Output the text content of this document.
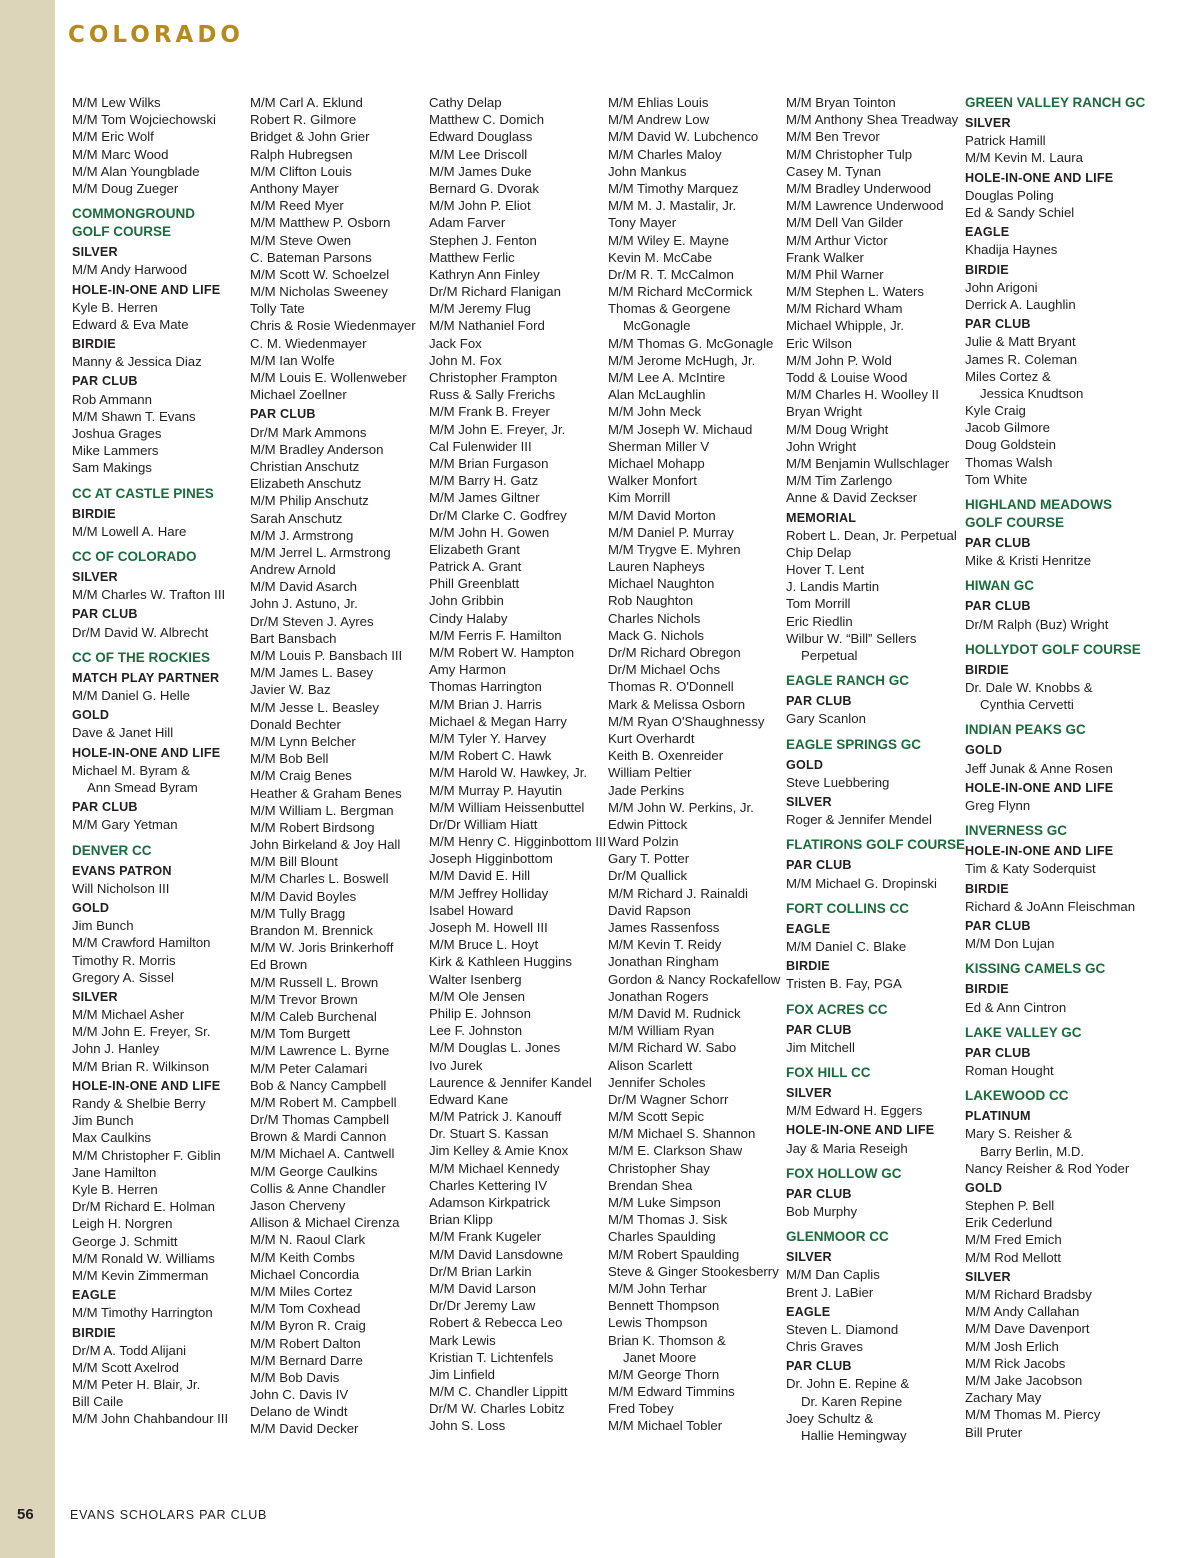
COLORADO
M/M Lew Wilks
M/M Tom Wojciechowski
M/M Eric Wolf
M/M Marc Wood
M/M Alan Youngblade
M/M Doug Zueger
COMMONGROUND GOLF COURSE
SILVER
M/M Andy Harwood
HOLE-IN-ONE AND LIFE
Kyle B. Herren
Edward & Eva Mate
BIRDIE
Manny & Jessica Diaz
PAR CLUB
Rob Ammann
M/M Shawn T. Evans
Joshua Grages
Mike Lammers
Sam Makings
CC AT CASTLE PINES
BIRDIE
M/M Lowell A. Hare
CC OF COLORADO
SILVER
M/M Charles W. Trafton III
PAR CLUB
Dr/M David W. Albrecht
CC OF THE ROCKIES
MATCH PLAY PARTNER
M/M Daniel G. Helle
GOLD
Dave & Janet Hill
HOLE-IN-ONE AND LIFE
Michael M. Byram &
Ann Smead Byram
PAR CLUB
M/M Gary Yetman
DENVER CC
EVANS PATRON
Will Nicholson III
GOLD
Jim Bunch
M/M Crawford Hamilton
Timothy R. Morris
Gregory A. Sissel
SILVER
M/M Michael Asher
M/M John E. Freyer, Sr.
John J. Hanley
M/M Brian R. Wilkinson
HOLE-IN-ONE AND LIFE
Randy & Shelbie Berry
Jim Bunch
Max Caulkins
M/M Christopher F. Giblin
Jane Hamilton
Kyle B. Herren
Dr/M Richard E. Holman
Leigh H. Norgren
George J. Schmitt
M/M Ronald W. Williams
M/M Kevin Zimmerman
EAGLE
M/M Timothy Harrington
BIRDIE
Dr/M A. Todd Alijani
M/M Scott Axelrod
M/M Peter H. Blair, Jr.
Bill Caile
M/M John Chahbandour III
M/M Carl A. Eklund
Robert R. Gilmore
Bridget & John Grier
Ralph Hubregsen
M/M Clifton Louis
Anthony Mayer
M/M Reed Myer
M/M Matthew P. Osborn
M/M Steve Owen
C. Bateman Parsons
M/M Scott W. Schoelzel
M/M Nicholas Sweeney
Tolly Tate
Chris & Rosie Wiedenmayer
C. M. Wiedenmayer
M/M Ian Wolfe
M/M Louis E. Wollenweber
Michael Zoellner
PAR CLUB
Dr/M Mark Ammons
M/M Bradley Anderson
Christian Anschutz
Elizabeth Anschutz
M/M Philip Anschutz
Sarah Anschutz
M/M J. Armstrong
M/M Jerrel L. Armstrong
Andrew Arnold
M/M David Asarch
John J. Astuno, Jr.
Dr/M Steven J. Ayres
Bart Bansbach
M/M Louis P. Bansbach III
M/M James L. Basey
Javier W. Baz
M/M Jesse L. Beasley
Donald Bechter
M/M Lynn Belcher
M/M Bob Bell
M/M Craig Benes
Heather & Graham Benes
M/M William L. Bergman
M/M Robert Birdsong
John Birkeland & Joy Hall
M/M Bill Blount
M/M Charles L. Boswell
M/M David Boyles
M/M Tully Bragg
Brandon M. Brennick
M/M W. Joris Brinkerhoff
Ed Brown
M/M Russell L. Brown
M/M Trevor Brown
M/M Caleb Burchenal
M/M Tom Burgett
M/M Lawrence L. Byrne
M/M Peter Calamari
Bob & Nancy Campbell
M/M Robert M. Campbell
Dr/M Thomas Campbell
Brown & Mardi Cannon
M/M Michael A. Cantwell
M/M George Caulkins
Collis & Anne Chandler
Jason Cherveny
Allison & Michael Cirenza
M/M N. Raoul Clark
M/M Keith Combs
Michael Concordia
M/M Miles Cortez
M/M Tom Coxhead
M/M Byron R. Craig
M/M Robert Dalton
M/M Bernard Darre
M/M Bob Davis
John C. Davis IV
Delano de Windt
M/M David Decker
Cathy Delap
Matthew C. Domich
Edward Douglass
M/M Lee Driscoll
M/M James Duke
Bernard G. Dvorak
M/M John P. Eliot
Adam Farver
Stephen J. Fenton
Matthew Ferlic
Kathryn Ann Finley
Dr/M Richard Flanigan
M/M Jeremy Flug
M/M Nathaniel Ford
Jack Fox
John M. Fox
Christopher Frampton
Russ & Sally Frerichs
M/M Frank B. Freyer
M/M John E. Freyer, Jr.
Cal Fulenwider III
M/M Brian Furgason
M/M Barry H. Gatz
M/M James Giltner
Dr/M Clarke C. Godfrey
M/M John H. Gowen
Elizabeth Grant
Patrick A. Grant
Phill Greenblatt
John Gribbin
Cindy Halaby
M/M Ferris F. Hamilton
M/M Robert W. Hampton
Amy Harmon
Thomas Harrington
M/M Brian J. Harris
Michael & Megan Harry
M/M Tyler Y. Harvey
M/M Robert C. Hawk
M/M Harold W. Hawkey, Jr.
M/M Murray P. Hayutin
M/M William Heissenbuttel
Dr/Dr William Hiatt
M/M Henry C. Higginbottom III
Joseph Higginbottom
M/M David E. Hill
M/M Jeffrey Holliday
Isabel Howard
Joseph M. Howell III
M/M Bruce L. Hoyt
Kirk & Kathleen Huggins
Walter Isenberg
M/M Ole Jensen
Philip E. Johnson
Lee F. Johnston
M/M Douglas L. Jones
Ivo Jurek
Laurence & Jennifer Kandel
Edward Kane
M/M Patrick J. Kanouff
Dr. Stuart S. Kassan
Jim Kelley & Amie Knox
M/M Michael Kennedy
Charles Kettering IV
Adamson Kirkpatrick
Brian Klipp
M/M Frank Kugeler
M/M David Lansdowne
Dr/M Brian Larkin
M/M David Larson
Dr/Dr Jeremy Law
Robert & Rebecca Leo
Mark Lewis
Kristian T. Lichtenfels
Jim Linfield
M/M C. Chandler Lippitt
Dr/M W. Charles Lobitz
John S. Loss
M/M Ehlias Louis
M/M Andrew Low
M/M David W. Lubchenco
M/M Charles Maloy
John Mankus
M/M Timothy Marquez
M/M M. J. Mastalir, Jr.
Tony Mayer
M/M Wiley E. Mayne
Kevin M. McCabe
Dr/M R. T. McCalmon
M/M Richard McCormick
Thomas & Georgene
McGonagle
M/M Thomas G. McGonagle
M/M Jerome McHugh, Jr.
M/M Lee A. McIntire
Alan McLaughlin
M/M John Meck
M/M Joseph W. Michaud
Sherman Miller V
Michael Mohapp
Walker Monfort
Kim Morrill
M/M David Morton
M/M Daniel P. Murray
M/M Trygve E. Myhren
Lauren Napheys
Michael Naughton
Rob Naughton
Charles Nichols
Mack G. Nichols
Dr/M Richard Obregon
Dr/M Michael Ochs
Thomas R. O'Donnell
Mark & Melissa Osborn
M/M Ryan O'Shaughnessy
Kurt Overhardt
Keith B. Oxenreider
William Peltier
Jade Perkins
M/M John W. Perkins, Jr.
Edwin Pittock
Ward Polzin
Gary T. Potter
Dr/M Quallick
M/M Richard J. Rainaldi
David Rapson
James Rassenfoss
M/M Kevin T. Reidy
Jonathan Ringham
Gordon & Nancy Rockafellow
Jonathan Rogers
M/M David M. Rudnick
M/M William Ryan
M/M Richard W. Sabo
Alison Scarlett
Jennifer Scholes
Dr/M Wagner Schorr
M/M Scott Sepic
M/M Michael S. Shannon
M/M E. Clarkson Shaw
Christopher Shay
Brendan Shea
M/M Luke Simpson
M/M Thomas J. Sisk
Charles Spaulding
M/M Robert Spaulding
Steve & Ginger Stookesberry
M/M John Terhar
Bennett Thompson
Lewis Thompson
Brian K. Thomson &
Janet Moore
M/M George Thorn
M/M Edward Timmins
Fred Tobey
M/M Michael Tobler
M/M Bryan Tointon
M/M Anthony Shea Treadway
M/M Ben Trevor
M/M Christopher Tulp
Casey M. Tynan
M/M Bradley Underwood
M/M Lawrence Underwood
M/M Dell Van Gilder
M/M Arthur Victor
Frank Walker
M/M Phil Warner
M/M Stephen L. Waters
M/M Richard Wham
Michael Whipple, Jr.
Eric Wilson
M/M John P. Wold
Todd & Louise Wood
M/M Charles H. Woolley II
Bryan Wright
M/M Doug Wright
John Wright
M/M Benjamin Wullschlager
M/M Tim Zarlengo
Anne & David Zeckser
MEMORIAL
Robert L. Dean, Jr. Perpetual
Chip Delap
Hover T. Lent
J. Landis Martin
Tom Morrill
Eric Riedlin
Wilbur W. “Bill” Sellers
Perpetual
EAGLE RANCH GC
PAR CLUB
Gary Scanlon
EAGLE SPRINGS GC
GOLD
Steve Luebbering
SILVER
Roger & Jennifer Mendel
FLATIRONS GOLF COURSE
PAR CLUB
M/M Michael G. Dropinski
FORT COLLINS CC
EAGLE
M/M Daniel C. Blake
BIRDIE
Tristen B. Fay, PGA
FOX ACRES CC
PAR CLUB
Jim Mitchell
FOX HILL CC
SILVER
M/M Edward H. Eggers
HOLE-IN-ONE AND LIFE
Jay & Maria Reseigh
FOX HOLLOW GC
PAR CLUB
Bob Murphy
GLENMOOR CC
SILVER
M/M Dan Caplis
Brent J. LaBier
EAGLE
Steven L. Diamond
Chris Graves
PAR CLUB
Dr. John E. Repine &
Dr. Karen Repine
Joey Schultz &
Hallie Hemingway
GREEN VALLEY RANCH GC
SILVER
Patrick Hamill
M/M Kevin M. Laura
HOLE-IN-ONE AND LIFE
Douglas Poling
Ed & Sandy Schiel
EAGLE
Khadija Haynes
BIRDIE
John Arigoni
Derrick A. Laughlin
PAR CLUB
Julie & Matt Bryant
James R. Coleman
Miles Cortez &
Jessica Knudtson
Kyle Craig
Jacob Gilmore
Doug Goldstein
Thomas Walsh
Tom White
HIGHLAND MEADOWS GOLF COURSE
PAR CLUB
Mike & Kristi Henritze
HIWAN GC
PAR CLUB
Dr/M Ralph (Buz) Wright
HOLLYDOT GOLF COURSE
BIRDIE
Dr. Dale W. Knobbs &
Cynthia Cervetti
INDIAN PEAKS GC
GOLD
Jeff Junak & Anne Rosen
HOLE-IN-ONE AND LIFE
Greg Flynn
INVERNESS GC
HOLE-IN-ONE AND LIFE
Tim & Katy Soderquist
BIRDIE
Richard & JoAnn Fleischman
PAR CLUB
M/M Don Lujan
KISSING CAMELS GC
BIRDIE
Ed & Ann Cintron
LAKE VALLEY GC
PAR CLUB
Roman Hought
LAKEWOOD CC
PLATINUM
Mary S. Reisher &
Barry Berlin, M.D.
Nancy Reisher & Rod Yoder
GOLD
Stephen P. Bell
Erik Cederlund
M/M Fred Emich
M/M Rod Mellott
SILVER
M/M Richard Bradsby
M/M Andy Callahan
M/M Dave Davenport
M/M Josh Erlich
M/M Rick Jacobs
M/M Jake Jacobson
Zachary May
M/M Thomas M. Piercy
Bill Pruter
56	EVANS SCHOLARS PAR CLUB
